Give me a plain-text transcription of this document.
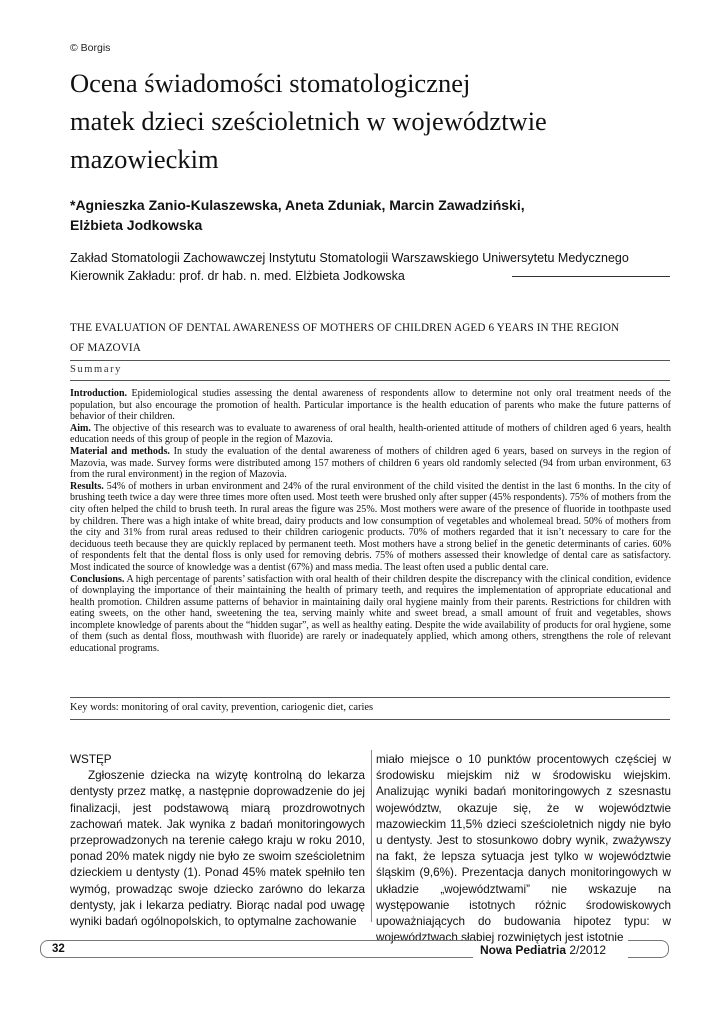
© Borgis
Ocena świadomości stomatologicznej
matek dzieci sześcioletnich w województwie
mazowieckim
*Agnieszka Zanio-Kulaszewska, Aneta Zduniak, Marcin Zawadziński,
Elżbieta Jodkowska
Zakład Stomatologii Zachowawczej Instytutu Stomatologii Warszawskiego Uniwersytetu Medycznego
Kierownik Zakładu: prof. dr hab. n. med. Elżbieta Jodkowska
THE EVALUATION OF DENTAL AWARENESS OF MOTHERS OF CHILDREN AGED 6 YEARS IN THE REGION
OF MAZOVIA
Summary

Introduction. Epidemiological studies assessing the dental awareness of respondents allow to determine not only oral treatment needs of the population, but also encourage the promotion of health. Particular importance is the health education of parents who make the future patterns of behavior of their children.

Aim. The objective of this research was to evaluate to awareness of oral health, health-oriented attitude of mothers of children aged 6 years, health education needs of this group of people in the region of Mazovia.

Material and methods. In study the evaluation of the dental awareness of mothers of children aged 6 years, based on surveys in the region of Mazovia, was made. Survey forms were distributed among 157 mothers of children 6 years old randomly selected (94 from urban environment, 63 from the rural environment) in the region of Mazovia.

Results. 54% of mothers in urban environment and 24% of the rural environment of the child visited the dentist in the last 6 months. In the city of brushing teeth twice a day were three times more often used. Most teeth were brushed only after supper (45% respondents). 75% of mothers from the city often helped the child to brush teeth. In rural areas the figure was 25%. Most mothers were aware of the presence of fluoride in toothpaste used by children. There was a high intake of white bread, dairy products and low consumption of vegetables and wholemeal bread. 50% of mothers from the city and 31% from rural areas redused to their children cariogenic products. 70% of mothers regarded that it isn’t necessary to care for the deciduous teeth because they are quickly replaced by permanent teeth. Most mothers have a strong belief in the genetic determinants of caries. 60% of respondents felt that the dental floss is only used for removing debris. 75% of mothers assessed their knowledge of dental care as satisfactory. Most indicated the source of knowledge was a dentist (67%) and mass media. The least often used a public dental care.

Conclusions. A high percentage of parents’ satisfaction with oral health of their children despite the discrepancy with the clinical condition, evidence of downplaying the importance of their maintaining the health of primary teeth, and requires the implementation of appropriate educational and health promotion. Children assume patterns of behavior in maintaining daily oral hygiene mainly from their parents. Restrictions for children with eating sweets, on the other hand, sweetening the tea, serving mainly white and sweet bread, a small amount of fruit and vegetables, shows incomplete knowledge of parents about the “hidden sugar”, as well as healthy eating. Despite the wide availability of products for oral hygiene, some of them (such as dental floss, mouthwash with fluoride) are rarely or inadequately applied, which among others, strengthens the role of relevant educational programs.

Key words: monitoring of oral cavity, prevention, cariogenic diet, caries

WSTĘP

Zgłoszenie dziecka na wizytę kontrolną do lekarza dentysty przez matkę, a następnie doprowadzenie do jej finalizacji, jest podstawową miarą prozdrowotnych zachowań matek. Jak wynika z badań monitoringowych przeprowadzonych na terenie całego kraju w roku 2010, ponad 20% matek nigdy nie było ze swoim sześcioletnim dzieckiem u dentysty (1). Ponad 45% matek spełniło ten wymóg, prowadząc swoje dziecko zarówno do lekarza dentysty, jak i lekarza pediatry. Biorąc nadal pod uwagę wyniki badań ogólnopolskich, to optymalne zachowanie

miało miejsce o 10 punktów procentowych częściej w środowisku miejskim niż w środowisku wiejskim. Analizując wyniki badań monitoringowych z szesnastu województw, okazuje się, że w województwie mazowieckim 11,5% dzieci sześcioletnich nigdy nie było u dentysty. Jest to stosunkowo dobry wynik, zważywszy na fakt, że lepsza sytuacja jest tylko w województwie śląskim (9,6%). Prezentacja danych monitoringowych w układzie „województwami” nie wskazuje na występowanie istotnych różnic środowiskowych upoważniających do budowania hipotez typu: w województwach słabiej rozwiniętych jest istotnie

32	Nowa Pediatria 2/2012
